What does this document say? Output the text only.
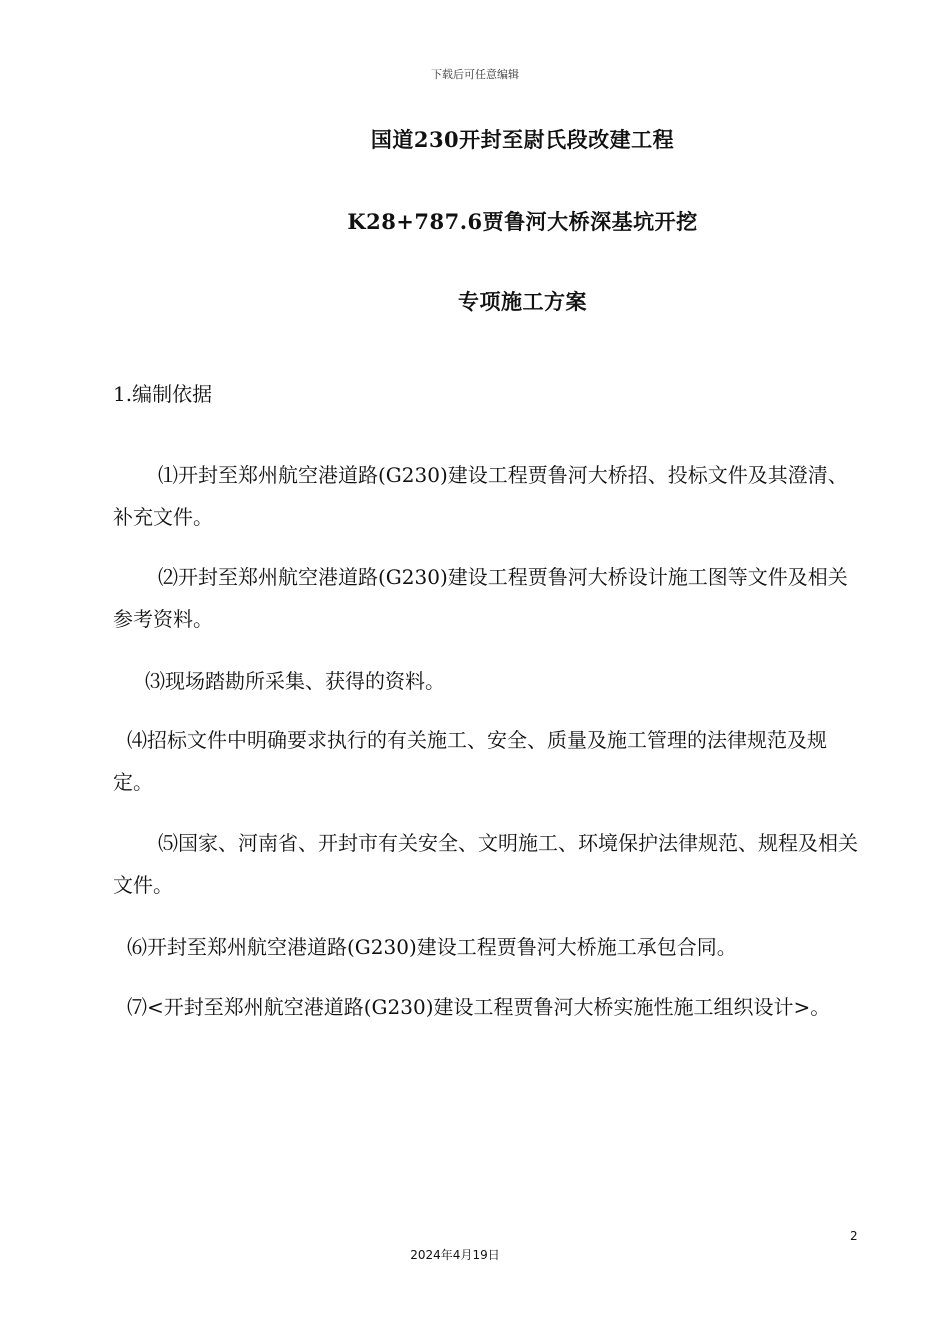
下载后可任意编辑
国道230开封至尉氏段改建工程
K28+787.6贾鲁河大桥深基坑开挖
专项施工方案
1.编制依据
⑴开封至郑州航空港道路(G230)建设工程贾鲁河大桥招、投标文件及其澄清、补充文件。
⑵开封至郑州航空港道路(G230)建设工程贾鲁河大桥设计施工图等文件及相关参考资料。
⑶现场踏勘所采集、获得的资料。
⑷招标文件中明确要求执行的有关施工、安全、质量及施工管理的法律规范及规定。
⑸国家、河南省、开封市有关安全、文明施工、环境保护法律规范、规程及相关文件。
⑹开封至郑州航空港道路(G230)建设工程贾鲁河大桥施工承包合同。
⑺<开封至郑州航空港道路(G230)建设工程贾鲁河大桥实施性施工组织设计>。
2
2024年4月19日
